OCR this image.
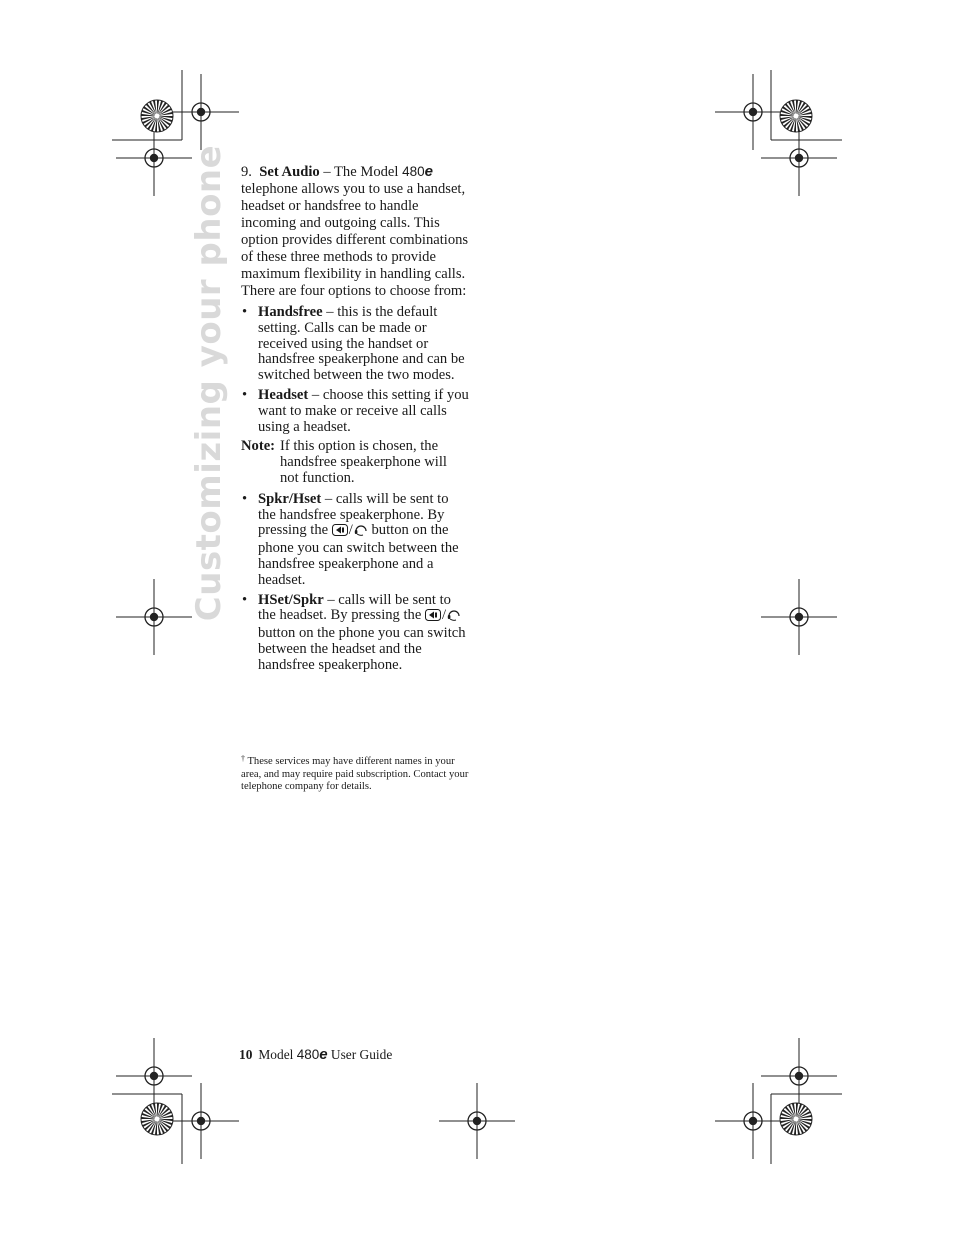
Customizing your phone 9. Set Audio – The Model 480e telephone allows you to use a handset, headset or handsfree to handle incoming and outgoing calls. This option provides different combinations of these three methods to provide maximum flexibility in handling calls. There are four options to choose from:

• Handsfree – this is the default setting. Calls can be made or received using the handset or handsfree speakerphone and can be switched between the two modes.
• Headset – choose this setting if you want to make or receive all calls using a headset.
Note: If this option is chosen, the handsfree speakerphone will not function.
• Spkr/Hset – calls will be sent to the handsfree speakerphone. By pressing the / button on the phone you can switch between the handsfree speakerphone and a headset.
• HSet/Spkr – calls will be sent to the headset. By pressing the / button on the phone you can switch between the headset and the handsfree speakerphone.
† These services may have different names in your area, and may require paid subscription. Contact your telephone company for details.
10 Model 480e User Guide
